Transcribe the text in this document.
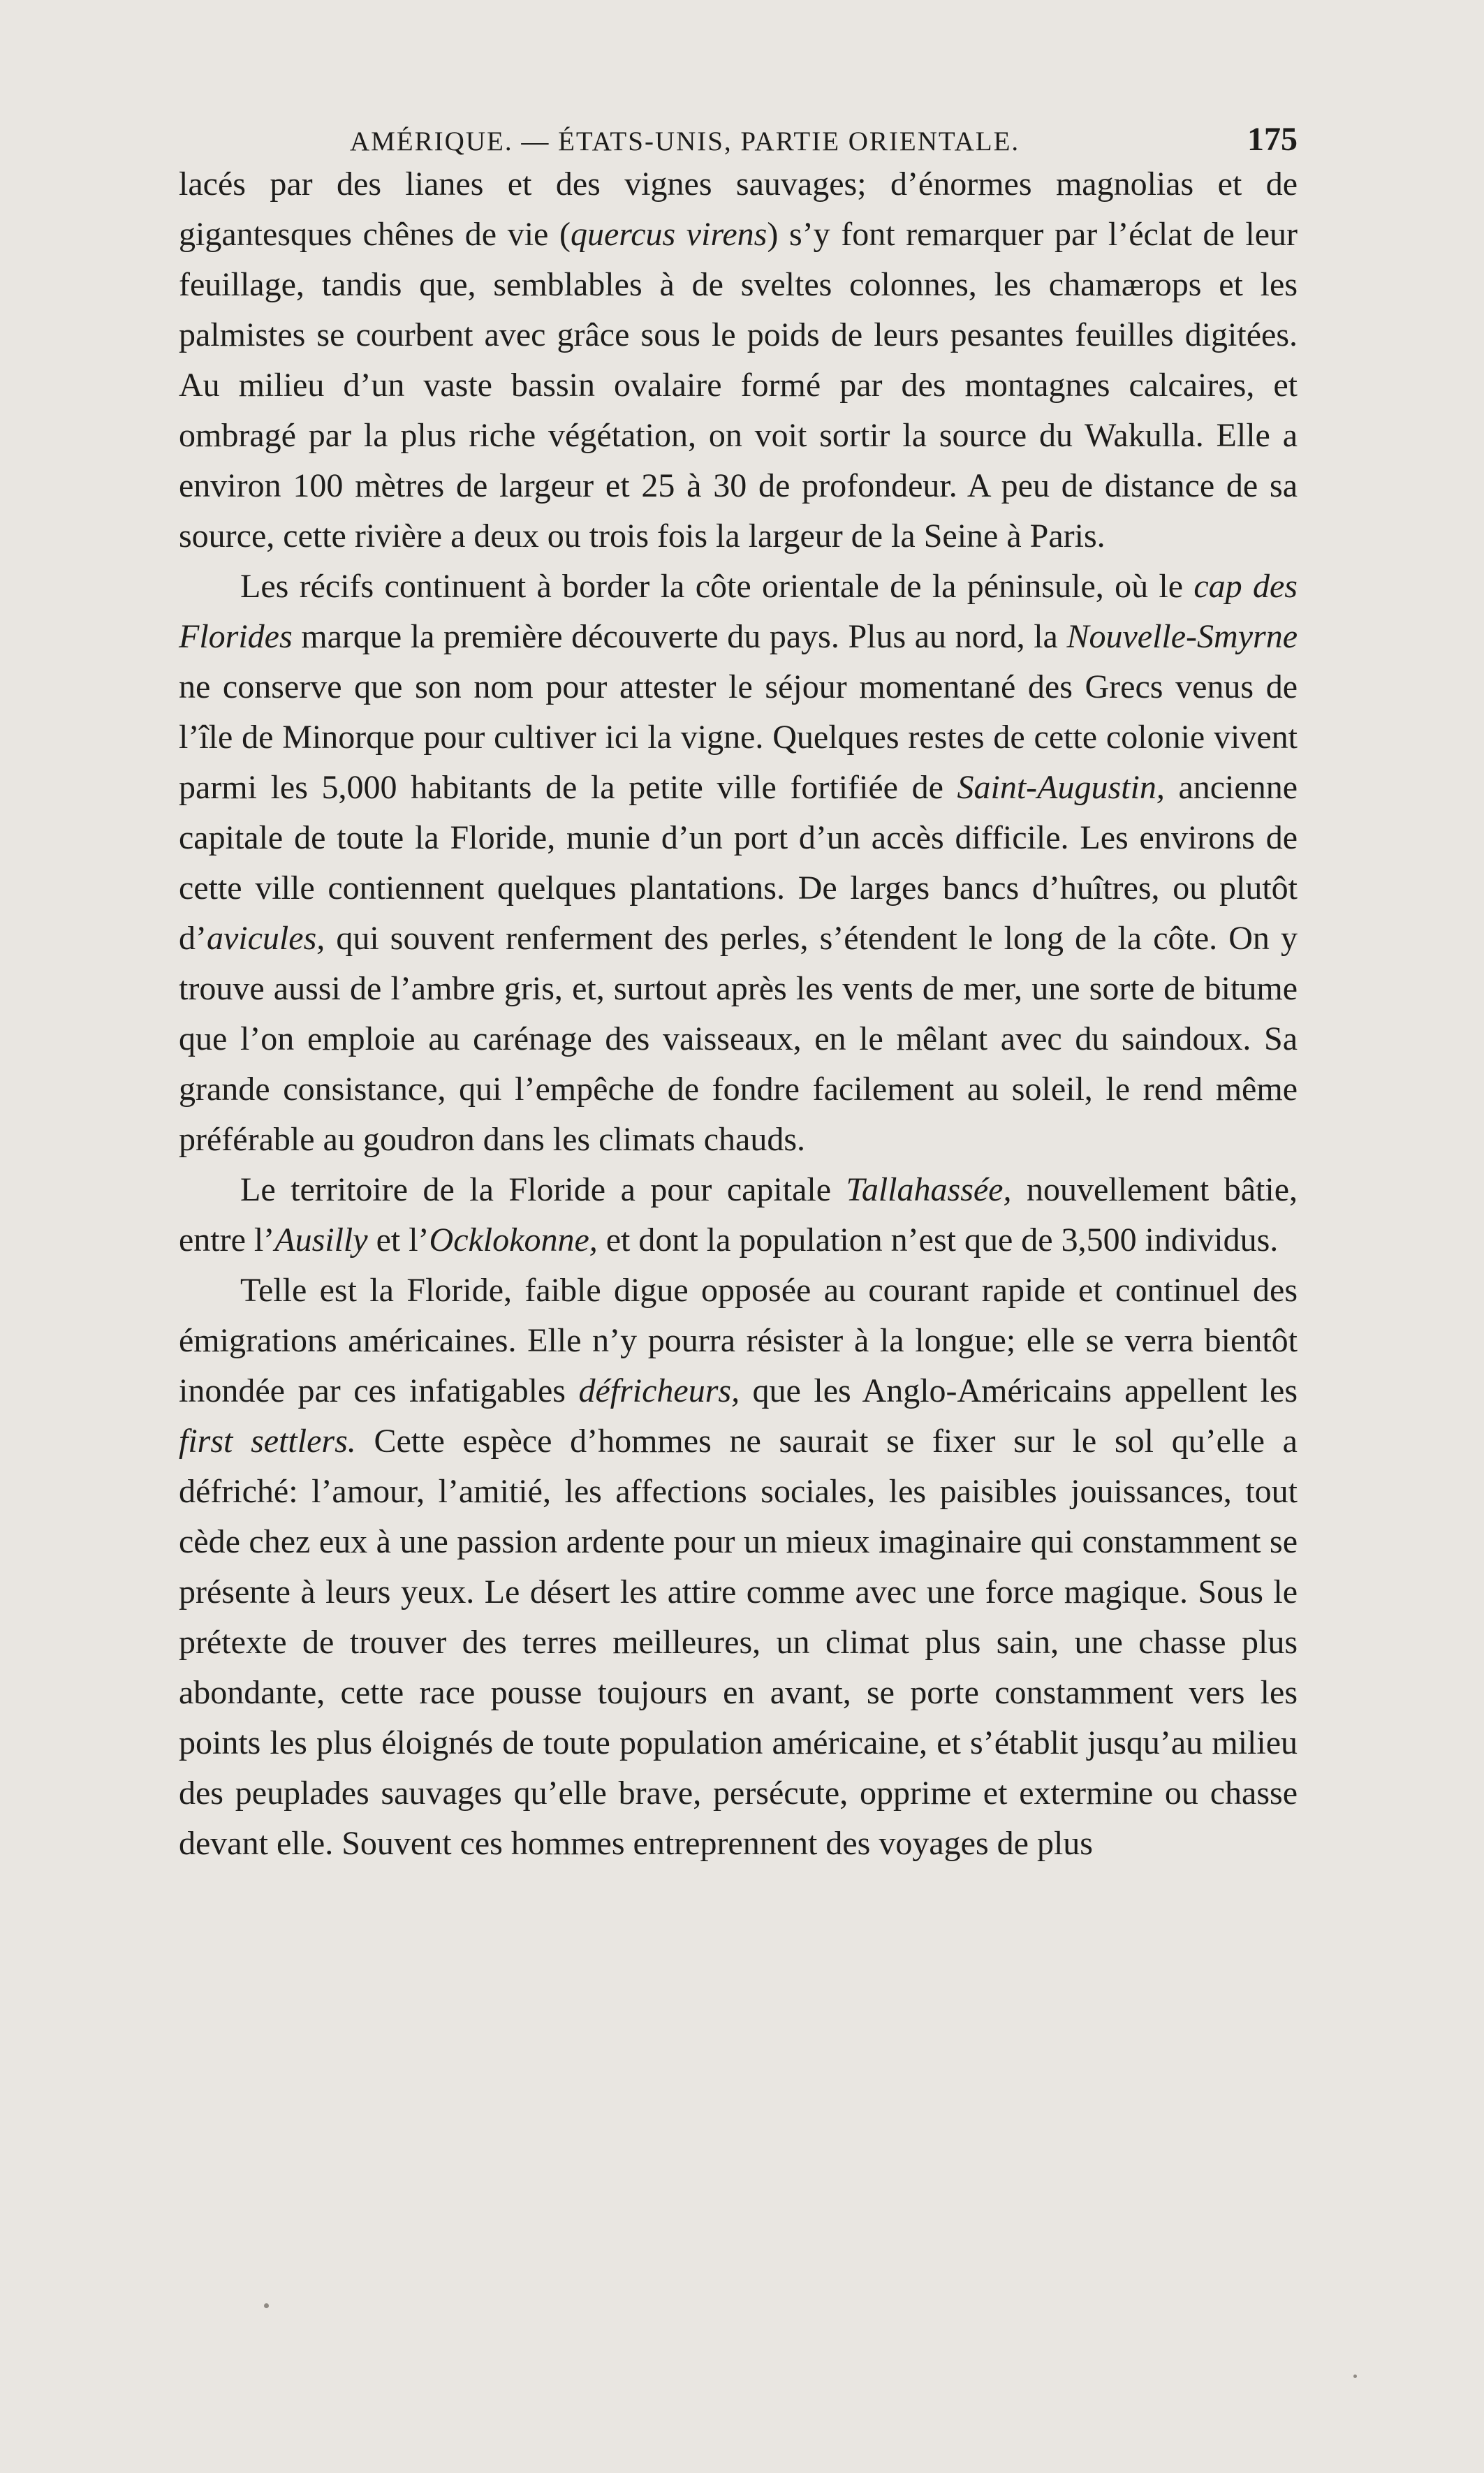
AMÉRIQUE. — ÉTATS-UNIS, PARTIE ORIENTALE.	175

lacés par des lianes et des vignes sauvages; d’énormes magnolias et de gigantesques chênes de vie (quercus virens) s’y font remarquer par l’éclat de leur feuillage, tandis que, semblables à de sveltes colonnes, les chamærops et les palmistes se courbent avec grâce sous le poids de leurs pesantes feuilles digitées. Au milieu d’un vaste bassin ovalaire formé par des montagnes calcaires, et ombragé par la plus riche végétation, on voit sortir la source du Wakulla. Elle a environ 100 mètres de largeur et 25 à 30 de profondeur. A peu de distance de sa source, cette rivière a deux ou trois fois la largeur de la Seine à Paris.

Les récifs continuent à border la côte orientale de la péninsule, où le cap des Florides marque la première découverte du pays. Plus au nord, la Nouvelle-Smyrne ne conserve que son nom pour attester le séjour momentané des Grecs venus de l’île de Minorque pour cultiver ici la vigne. Quelques restes de cette colonie vivent parmi les 5,000 habitants de la petite ville fortifiée de Saint-Augustin, ancienne capitale de toute la Floride, munie d’un port d’un accès difficile. Les environs de cette ville contiennent quelques plantations. De larges bancs d’huîtres, ou plutôt d’avicules, qui souvent renferment des perles, s’étendent le long de la côte. On y trouve aussi de l’ambre gris, et, surtout après les vents de mer, une sorte de bitume que l’on emploie au carénage des vaisseaux, en le mêlant avec du saindoux. Sa grande consistance, qui l’empêche de fondre facilement au soleil, le rend même préférable au goudron dans les climats chauds.

Le territoire de la Floride a pour capitale Tallahassée, nouvellement bâtie, entre l’Ausilly et l’Ocklokonne, et dont la population n’est que de 3,500 individus.

Telle est la Floride, faible digue opposée au courant rapide et continuel des émigrations américaines. Elle n’y pourra résister à la longue; elle se verra bientôt inondée par ces infatigables défricheurs, que les Anglo-Américains appellent les first settlers. Cette espèce d’hommes ne saurait se fixer sur le sol qu’elle a défriché: l’amour, l’amitié, les affections sociales, les paisibles jouissances, tout cède chez eux à une passion ardente pour un mieux imaginaire qui constamment se présente à leurs yeux. Le désert les attire comme avec une force magique. Sous le prétexte de trouver des terres meilleures, un climat plus sain, une chasse plus abondante, cette race pousse toujours en avant, se porte constamment vers les points les plus éloignés de toute population américaine, et s’établit jusqu’au milieu des peuplades sauvages qu’elle brave, persécute, opprime et extermine ou chasse devant elle. Souvent ces hommes entreprennent des voyages de plus
